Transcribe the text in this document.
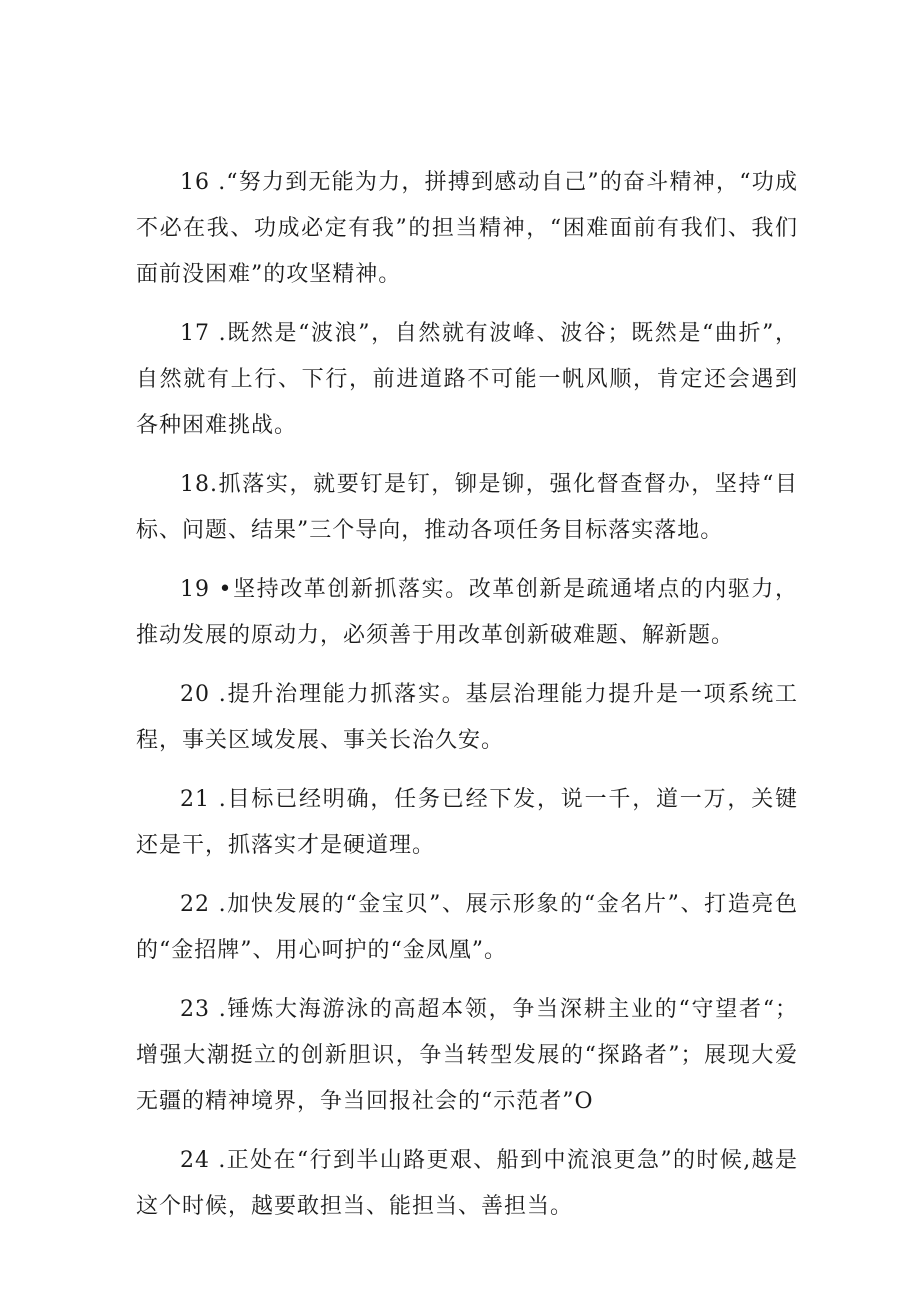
16 .“努力到无能为力，拼搏到感动自己”的奋斗精神，“功成不必在我、功成必定有我”的担当精神，“困难面前有我们、我们面前没困难”的攻坚精神。

17 .既然是“波浪”，自然就有波峰、波谷；既然是“曲折”，自然就有上行、下行，前进道路不可能一帆风顺，肯定还会遇到各种困难挑战。

18.抓落实，就要钉是钉，铆是铆，强化督查督办，坚持“目标、问题、结果”三个导向，推动各项任务目标落实落地。

19 •坚持改革创新抓落实。改革创新是疏通堵点的内驱力，推动发展的原动力，必须善于用改革创新破难题、解新题。

20 .提升治理能力抓落实。基层治理能力提升是一项系统工程，事关区域发展、事关长治久安。

21 .目标已经明确，任务已经下发，说一千，道一万，关键还是干，抓落实才是硬道理。

22 .加快发展的“金宝贝”、展示形象的“金名片”、打造亮色的“金招牌”、用心呵护的“金凤凰”。

23 .锤炼大海游泳的高超本领，争当深耕主业的“守望者“；增强大潮挺立的创新胆识，争当转型发展的“探路者”；展现大爱无疆的精神境界，争当回报社会的“示范者”O

24 .正处在“行到半山路更艰、船到中流浪更急”的时候,越是这个时候，越要敢担当、能担当、善担当。
